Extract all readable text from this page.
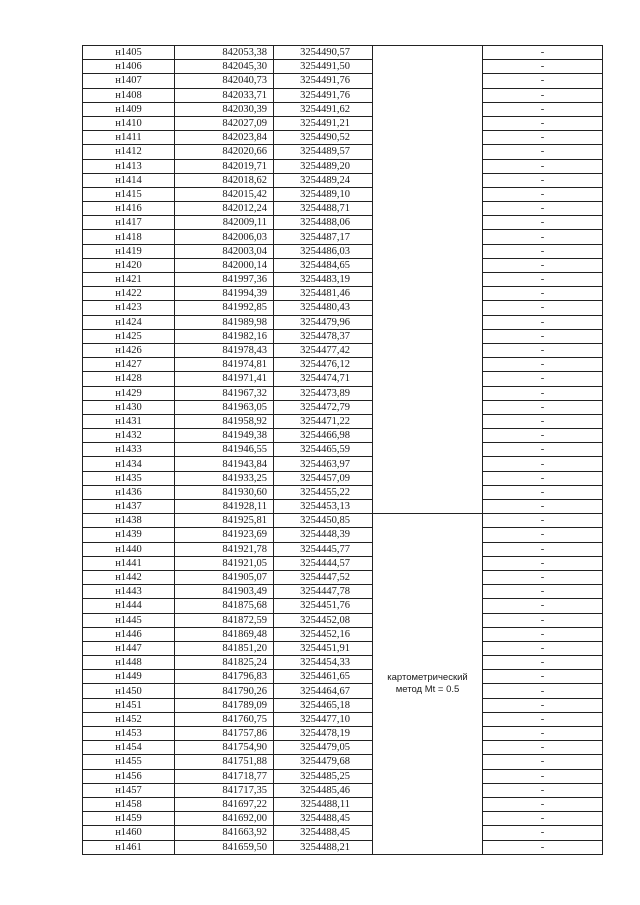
н1405	842053,38	3254490,57		-
н1406	842045,30	3254491,50		-
н1407	842040,73	3254491,76		-
н1408	842033,71	3254491,76		-
н1409	842030,39	3254491,62		-
н1410	842027,09	3254491,21		-
н1411	842023,84	3254490,52		-
н1412	842020,66	3254489,57		-
н1413	842019,71	3254489,20		-
н1414	842018,62	3254489,24		-
н1415	842015,42	3254489,10		-
н1416	842012,24	3254488,71		-
н1417	842009,11	3254488,06		-
н1418	842006,03	3254487,17		-
н1419	842003,04	3254486,03		-
н1420	842000,14	3254484,65		-
н1421	841997,36	3254483,19		-
н1422	841994,39	3254481,46		-
н1423	841992,85	3254480,43		-
н1424	841989,98	3254479,96		-
н1425	841982,16	3254478,37		-
н1426	841978,43	3254477,42		-
н1427	841974,81	3254476,12		-
н1428	841971,41	3254474,71		-
н1429	841967,32	3254473,89		-
н1430	841963,05	3254472,79		-
н1431	841958,92	3254471,22		-
н1432	841949,38	3254466,98		-
н1433	841946,55	3254465,59		-
н1434	841943,84	3254463,97		-
н1435	841933,25	3254457,09		-
н1436	841930,60	3254455,22		-
н1437	841928,11	3254453,13		-
н1438	841925,81	3254450,85	картометрический метод Mt = 0.5	-
н1439	841923,69	3254448,39		-
н1440	841921,78	3254445,77		-
н1441	841921,05	3254444,57		-
н1442	841905,07	3254447,52		-
н1443	841903,49	3254447,78		-
н1444	841875,68	3254451,76		-
н1445	841872,59	3254452,08		-
н1446	841869,48	3254452,16		-
н1447	841851,20	3254451,91		-
н1448	841825,24	3254454,33		-
н1449	841796,83	3254461,65		-
н1450	841790,26	3254464,67		-
н1451	841789,09	3254465,18		-
н1452	841760,75	3254477,10		-
н1453	841757,86	3254478,19		-
н1454	841754,90	3254479,05		-
н1455	841751,88	3254479,68		-
н1456	841718,77	3254485,25		-
н1457	841717,35	3254485,46		-
н1458	841697,22	3254488,11		-
н1459	841692,00	3254488,45		-
н1460	841663,92	3254488,45		-
н1461	841659,50	3254488,21		-
